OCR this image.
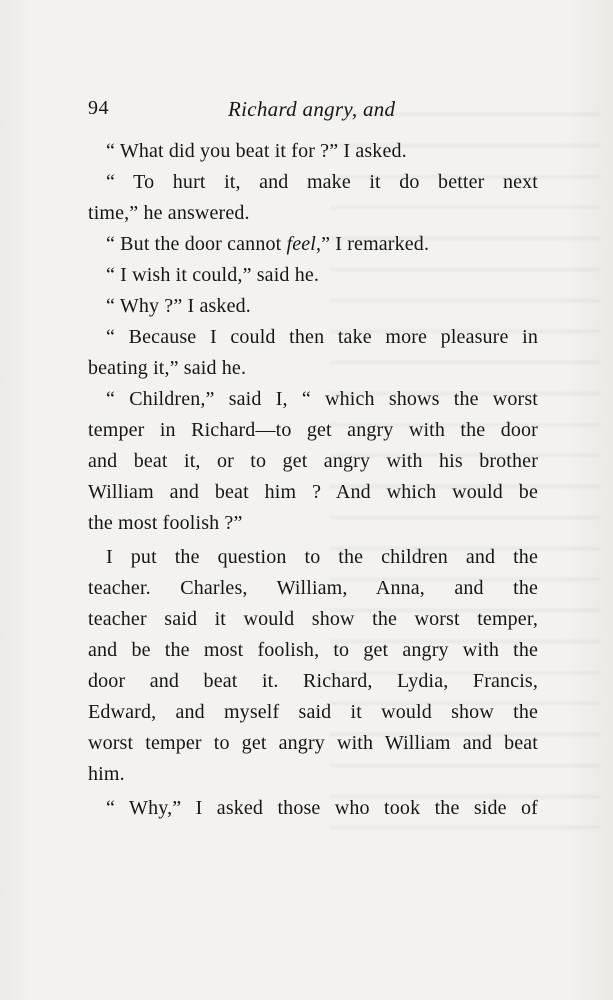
94	Richard angry, and
“ What did you beat it for ?” I asked.
“ To hurt it, and make it do better next
time,” he answered.
“ But the door cannot feel,” I remarked.
“ I wish it could,” said he.
“ Why ?” I asked.
“ Because I could then take more pleasure in
beating it,” said he.
“ Children,” said I, “ which shows the worst
temper in Richard—to get angry with the door
and beat it, or to get angry with his brother
William and beat him ? And which would be
the most foolish ?”
I put the question to the children and the
teacher. Charles, William, Anna, and the
teacher said it would show the worst temper,
and be the most foolish, to get angry with the
door and beat it. Richard, Lydia, Francis,
Edward, and myself said it would show the
worst temper to get angry with William and beat
him.
“ Why,” I asked those who took the side of
